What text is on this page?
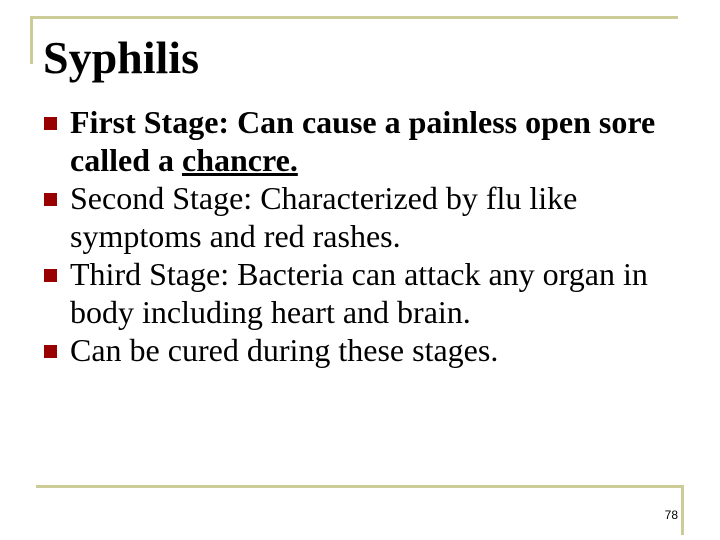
Syphilis
First Stage: Can cause a painless open sore called a chancre.
Second Stage: Characterized by flu like symptoms and red rashes.
Third Stage: Bacteria can attack any organ in body including heart and brain.
Can be cured during these stages.
78
